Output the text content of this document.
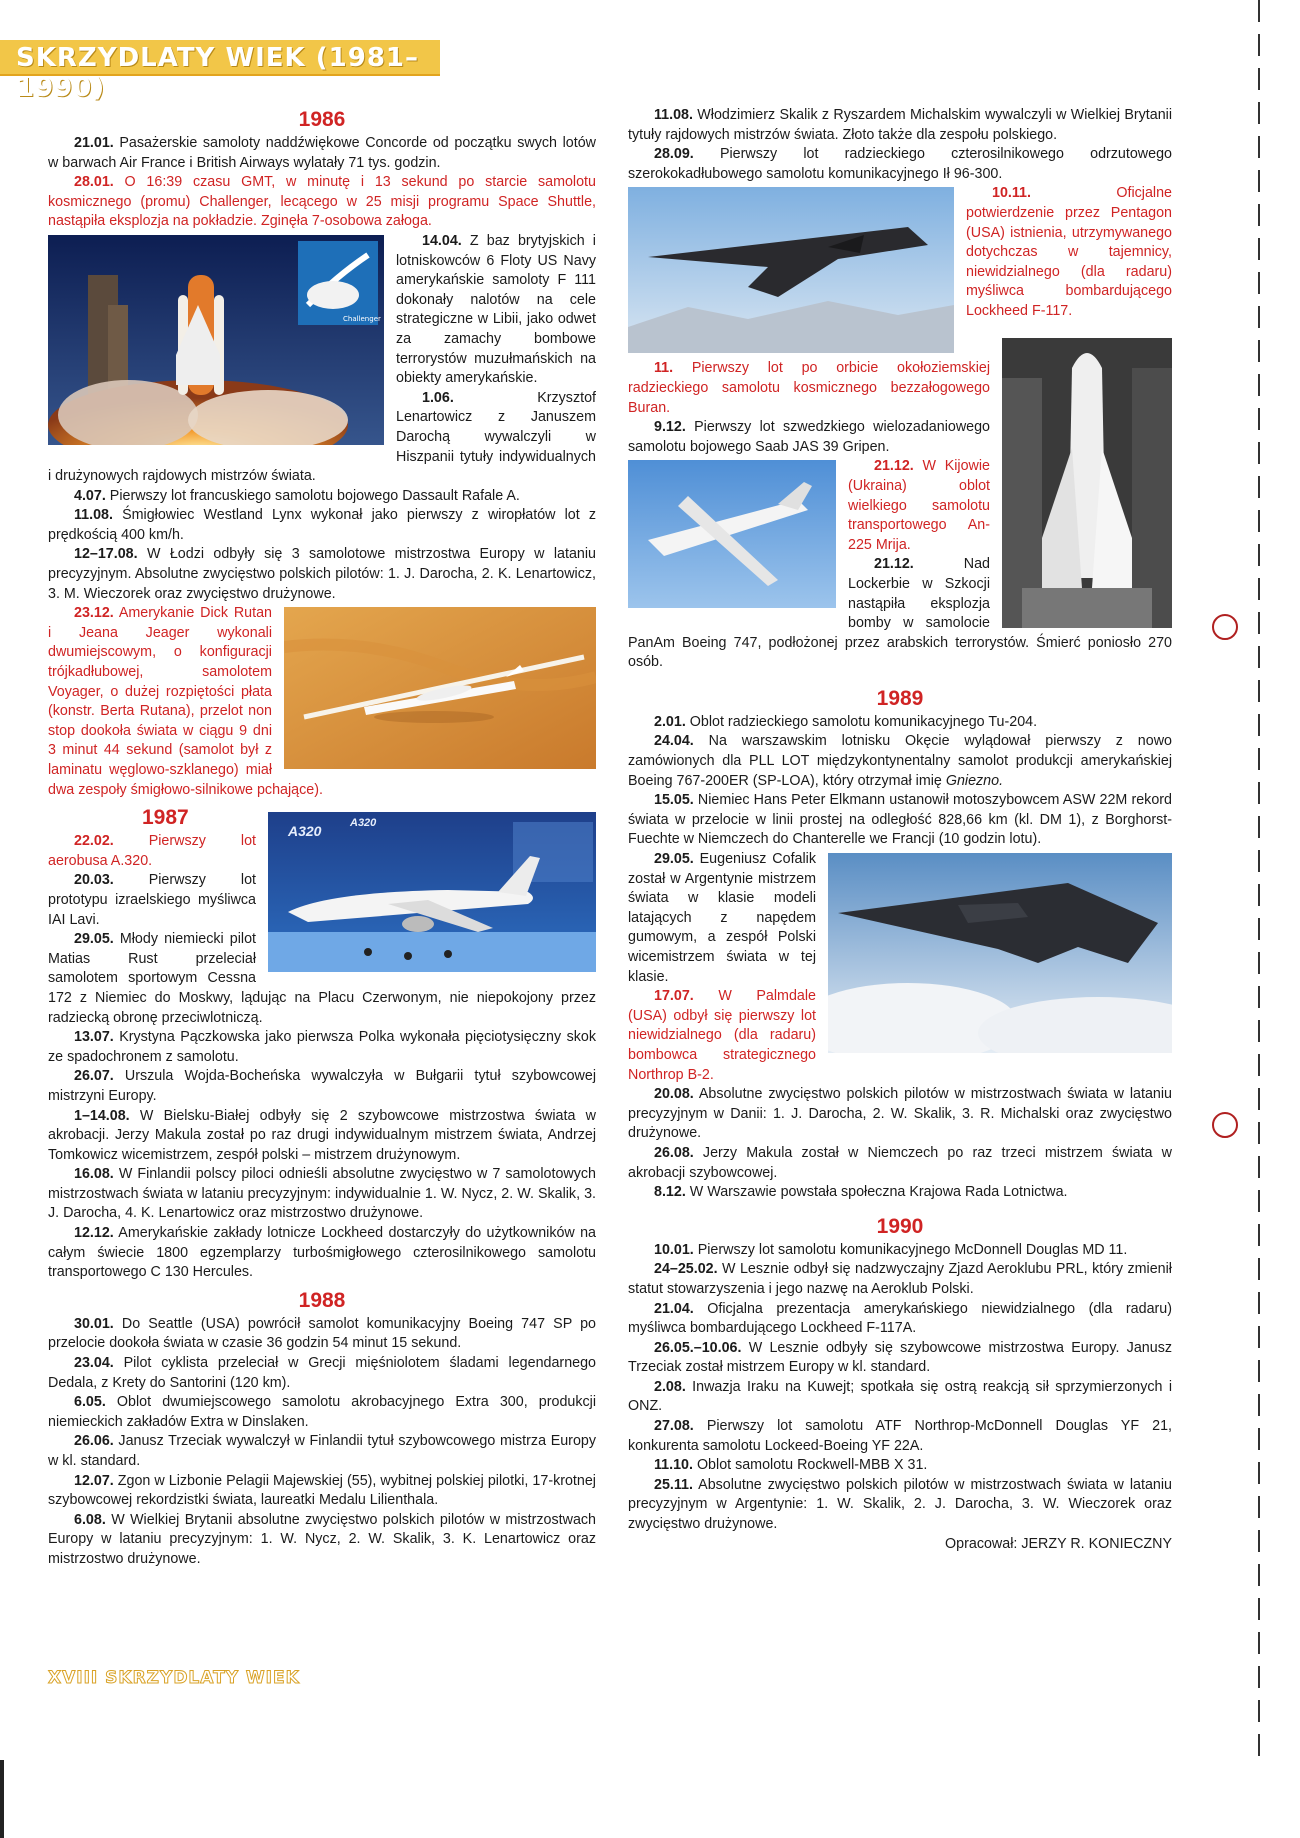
SKRZYDLATY WIEK (1981–1990)
1986

21.01. Pasażerskie samoloty naddźwiękowe Concorde od początku swych lotów w barwach Air France i British Airways wylatały 71 tys. godzin.

28.01. O 16:39 czasu GMT, w minutę i 13 sekund po starcie samolotu kosmicznego (promu) Challenger, lecącego w 25 misji programu Space Shuttle, nastąpiła eksplozja na pokładzie. Zginęła 7-osobowa załoga.

Challenger

14.04. Z baz brytyjskich i lotniskowców 6 Floty US Navy amerykańskie samoloty F 111 dokonały nalotów na cele strategiczne w Libii, jako odwet za zamachy bombowe terrorystów muzułmańskich na obiekty amerykańskie.

1.06. Krzysztof Lenartowicz z Januszem Darochą wywalczyli w Hiszpanii tytuły indywidualnych i drużynowych rajdowych mistrzów świata.

4.07. Pierwszy lot francuskiego samolotu bojowego Dassault Rafale A.

11.08. Śmigłowiec Westland Lynx wykonał jako pierwszy z wiropłatów lot z prędkością 400 km/h.

12–17.08. W Łodzi odbyły się 3 samolotowe mistrzostwa Europy w lataniu precyzyjnym. Absolutne zwycięstwo polskich pilotów: 1. J. Darocha, 2. K. Lenartowicz, 3. M. Wieczorek oraz zwycięstwo drużynowe.

23.12. Amerykanie Dick Rutan i Jeana Jeager wykonali dwumiejscowym, o konfiguracji trójkadłubowej, samolotem Voyager, o dużej rozpiętości płata (konstr. Berta Rutana), przelot non stop dookoła świata w ciągu 9 dni 3 minut 44 sekund (samolot był z laminatu węglowo-szklanego) miał dwa zespoły śmigłowo-silnikowe pchające).

A320	A320
1987

22.02. Pierwszy lot aerobusa A.320.

20.03. Pierwszy lot prototypu izraelskiego myśliwca IAI Lavi.

29.05. Młody niemiecki pilot Matias Rust przeleciał samolotem sportowym Cessna 172 z Niemiec do Moskwy, lądując na Placu Czerwonym, nie niepokojony przez radziecką obronę przeciwlotniczą.

13.07. Krystyna Pączkowska jako pierwsza Polka wykonała pięciotysięczny skok ze spadochronem z samolotu.

26.07. Urszula Wojda-Bocheńska wywalczyła w Bułgarii tytuł szybowcowej mistrzyni Europy.

1–14.08. W Bielsku-Białej odbyły się 2 szybowcowe mistrzostwa świata w akrobacji. Jerzy Makula został po raz drugi indywidualnym mistrzem świata, Andrzej Tomkowicz wicemistrzem, zespół polski – mistrzem drużynowym.

16.08. W Finlandii polscy piloci odnieśli absolutne zwycięstwo w 7 samolotowych mistrzostwach świata w lataniu precyzyjnym: indywidualnie 1. W. Nycz, 2. W. Skalik, 3. J. Darocha, 4. K. Lenartowicz oraz mistrzostwo drużynowe.

12.12. Amerykańskie zakłady lotnicze Lockheed dostarczyły do użytkowników na całym świecie 1800 egzemplarzy turbośmigłowego czterosilnikowego samolotu transportowego C 130 Hercules.

1988

30.01. Do Seattle (USA) powrócił samolot komunikacyjny Boeing 747 SP po przelocie dookoła świata w czasie 36 godzin 54 minut 15 sekund.

23.04. Pilot cyklista przeleciał w Grecji mięśniolotem śladami legendarnego Dedala, z Krety do Santorini (120 km).

6.05. Oblot dwumiejscowego samolotu akrobacyjnego Extra 300, produkcji niemieckich zakładów Extra w Dinslaken.

26.06. Janusz Trzeciak wywalczył w Finlandii tytuł szybowcowego mistrza Europy w kl. standard.

12.07. Zgon w Lizbonie Pelagii Majewskiej (55), wybitnej polskiej pilotki, 17-krotnej szybowcowej rekordzistki świata, laureatki Medalu Lilienthala.

6.08. W Wielkiej Brytanii absolutne zwycięstwo polskich pilotów w mistrzostwach Europy w lataniu precyzyjnym: 1. W. Nycz, 2. W. Skalik, 3. K. Lenartowicz oraz mistrzostwo drużynowe.

11.08. Włodzimierz Skalik z Ryszardem Michalskim wywalczyli w Wielkiej Brytanii tytuły rajdowych mistrzów świata. Złoto także dla zespołu polskiego.

28.09. Pierwszy lot radzieckiego czterosilnikowego odrzutowego szerokokadłubowego samolotu komunikacyjnego Ił 96-300.

10.11. Oficjalne potwierdzenie przez Pentagon (USA) istnienia, utrzymywanego dotychczas w tajemnicy, niewidzialnego (dla radaru) myśliwca bombardującego Lockheed F-117.

11. Pierwszy lot po orbicie okołoziemskiej radzieckiego samolotu kosmicznego bezzałogowego Buran.

9.12. Pierwszy lot szwedzkiego wielozadaniowego samolotu bojowego Saab JAS 39 Gripen.

21.12. W Kijowie (Ukraina) oblot wielkiego samolotu transportowego An-225 Mrija.

21.12. Nad Lockerbie w Szkocji nastąpiła eksplozja bomby w samolocie PanAm Boeing 747, podłożonej przez arabskich terrorystów. Śmierć poniosło 270 osób.

1989

2.01. Oblot radzieckiego samolotu komunikacyjnego Tu-204.

24.04. Na warszawskim lotnisku Okęcie wylądował pierwszy z nowo zamówionych dla PLL LOT międzykontynentalny samolot produkcji amerykańskiej Boeing 767-200ER (SP-LOA), który otrzymał imię Gniezno.

15.05. Niemiec Hans Peter Elkmann ustanowił motoszybowcem ASW 22M rekord świata w przelocie w linii prostej na odległość 828,66 km (kl. DM 1), z Borghorst-Fuechte w Niemczech do Chanterelle we Francji (10 godzin lotu).

29.05. Eugeniusz Cofalik został w Argentynie mistrzem świata w klasie modeli latających z napędem gumowym, a zespół Polski wicemistrzem świata w tej klasie.

17.07. W Palmdale (USA) odbył się pierwszy lot niewidzialnego (dla radaru) bombowca strategicznego Northrop B-2.

20.08. Absolutne zwycięstwo polskich pilotów w mistrzostwach świata w lataniu precyzyjnym w Danii: 1. J. Darocha, 2. W. Skalik, 3. R. Michalski oraz zwycięstwo drużynowe.

26.08. Jerzy Makula został w Niemczech po raz trzeci mistrzem świata w akrobacji szybowcowej.

8.12. W Warszawie powstała społeczna Krajowa Rada Lotnictwa.

1990

10.01. Pierwszy lot samolotu komunikacyjnego McDonnell Douglas MD 11.

24–25.02. W Lesznie odbył się nadzwyczajny Zjazd Aeroklubu PRL, który zmienił statut stowarzyszenia i jego nazwę na Aeroklub Polski.

21.04. Oficjalna prezentacja amerykańskiego niewidzialnego (dla radaru) myśliwca bombardującego Lockheed F-117A.

26.05.–10.06. W Lesznie odbyły się szybowcowe mistrzostwa Europy. Janusz Trzeciak został mistrzem Europy w kl. standard.

2.08. Inwazja Iraku na Kuwejt; spotkała się ostrą reakcją sił sprzymierzonych i ONZ.

27.08. Pierwszy lot samolotu ATF Northrop-McDonnell Douglas YF 21, konkurenta samolotu Lockeed-Boeing YF 22A.

11.10. Oblot samolotu Rockwell-MBB X 31.

25.11. Absolutne zwycięstwo polskich pilotów w mistrzostwach świata w lataniu precyzyjnym w Argentynie: 1. W. Skalik, 2. J. Darocha, 3. W. Wieczorek oraz zwycięstwo drużynowe.

Opracował: JERZY R. KONIECZNY

XVIII SKRZYDLATY WIEK
